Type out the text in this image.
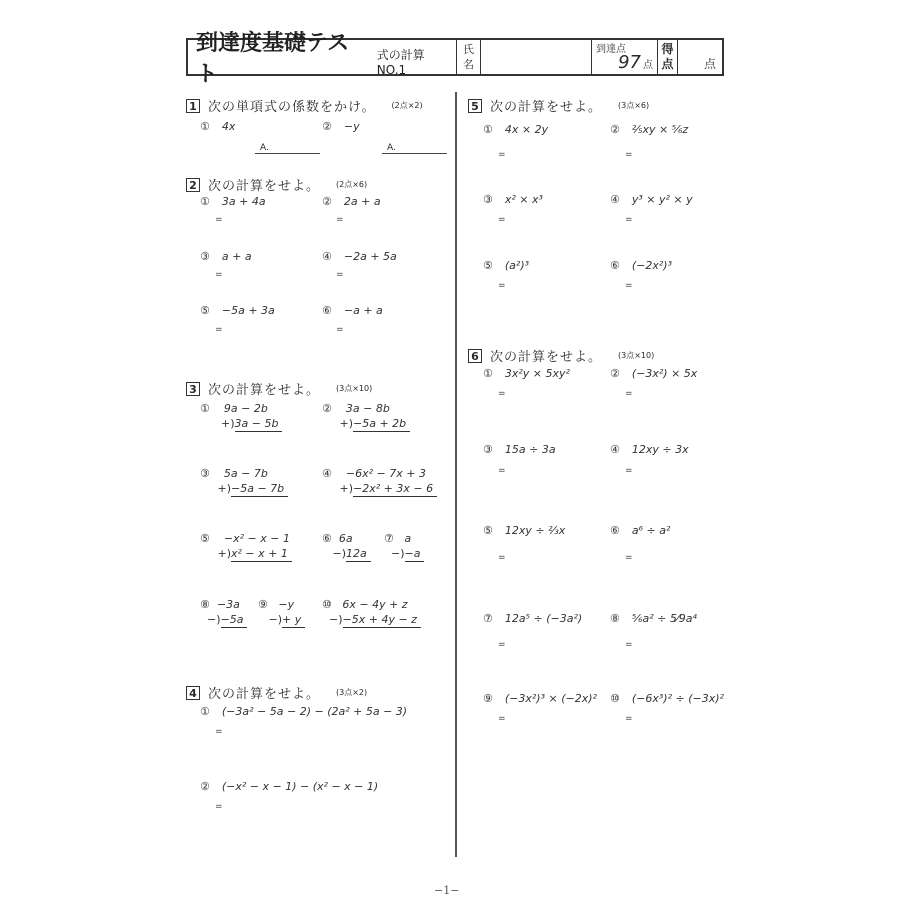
到達度基礎テスト
式の計算 NO.1
氏
名
到達点
97 点
得
点	点
1 次の単項式の係数をかけ。 (2点×2)
① 4x	② −y
A.	A.
2 次の計算をせよ。 (2点×6)
① 3a + 4a	② 2a + a
=	=
③ a + a	④ −2a + 5a
=	=
⑤ −5a + 3a	⑥ −a + a
=	=
3 次の計算をせよ。 (3点×10)
① 9a − 2b
+)3a − 5b
② 3a − 8b
+)−5a + 2b
③ 5a − 7b
+)−5a − 7b
④ −6x² − 7x + 3
+)−2x² + 3x − 6
⑤ −x² − x − 1
+)x² − x + 1
⑥ 6a
−)12a
⑦ a
−)−a
⑧ −3a
−)−5a
⑨ −y
−)+ y
⑩ 6x − 4y + z
−)−5x + 4y − z
4 次の計算をせよ。 (3点×2)
① (−3a² − 5a − 2) − (2a² + 5a − 3)
=
② (−x² − x − 1) − (x² − x − 1)
=
5 次の計算をせよ。 (3点×6)
① 4x × 2y	② ⅖xy × ⅚z
=	=
③ x² × x³	④ y³ × y² × y
=	=
⑤ (a²)³	⑥ (−2x²)³
=	=
6 次の計算をせよ。 (3点×10)
① 3x²y × 5xy²	② (−3x²) × 5x
=	=
③ 15a ÷ 3a	④ 12xy ÷ 3x
=	=
⑤ 12xy ÷ ⅔x	⑥ a⁶ ÷ a²
=	=
⑦ 12a⁵ ÷ (−3a²)	⑧ ⅚a² ÷ 5⁄9a⁴
=	=
⑨ (−3x²)³ × (−2x)² ⑩ (−6x³)² ÷ (−3x)²
=	=
−1−
